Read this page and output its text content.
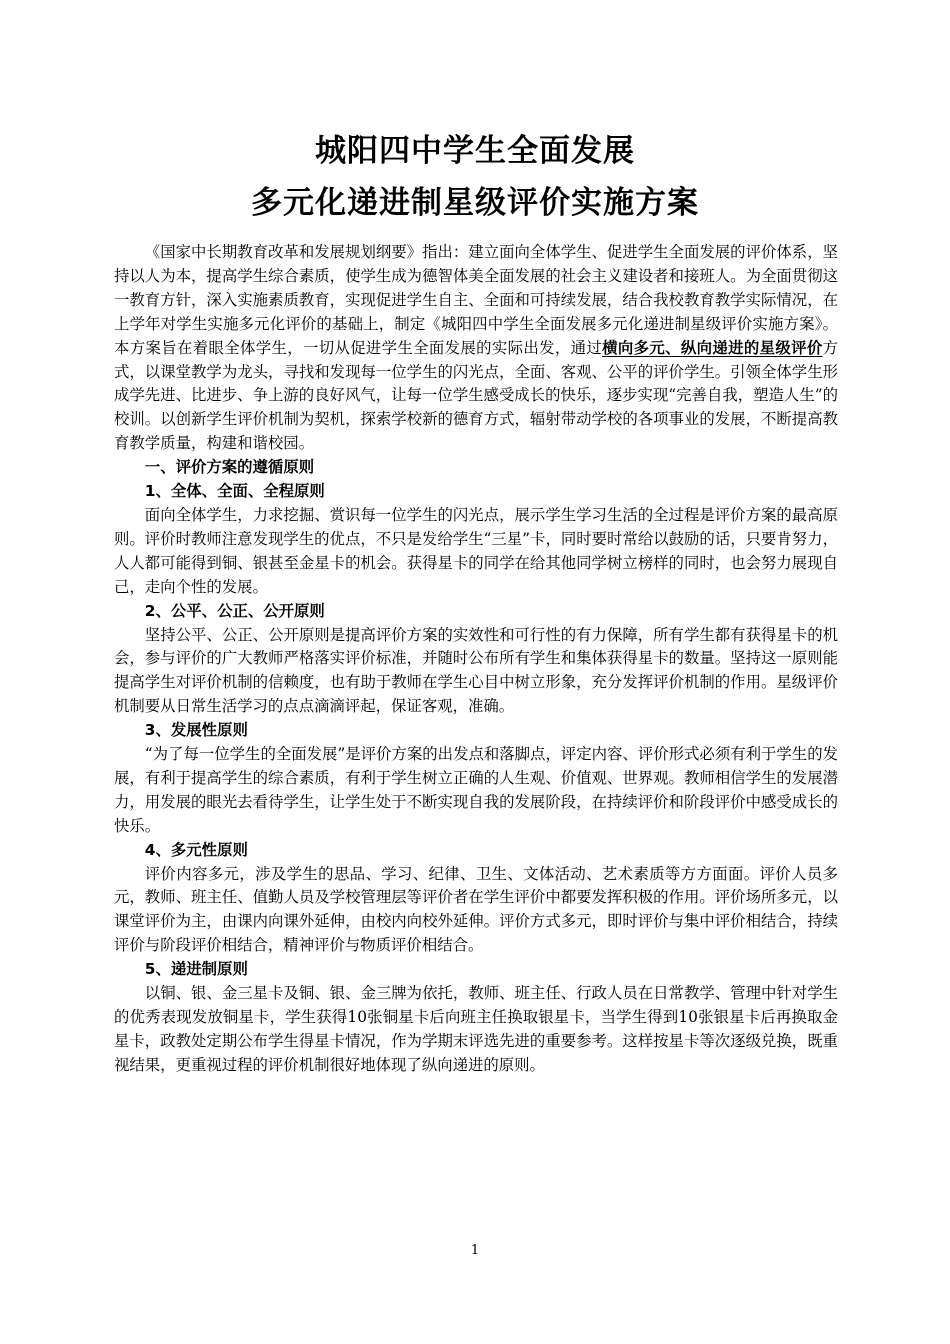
城阳四中学生全面发展
多元化递进制星级评价实施方案

《国家中长期教育改革和发展规划纲要》指出：建立面向全体学生、促进学生全面发展的评价体系，坚持以人为本，提高学生综合素质，使学生成为德智体美全面发展的社会主义建设者和接班人。为全面贯彻这一教育方针，深入实施素质教育，实现促进学生自主、全面和可持续发展，结合我校教育教学实际情况，在上学年对学生实施多元化评价的基础上，制定《城阳四中学生全面发展多元化递进制星级评价实施方案》。本方案旨在着眼全体学生，一切从促进学生全面发展的实际出发，通过横向多元、纵向递进的星级评价方式，以课堂教学为龙头，寻找和发现每一位学生的闪光点，全面、客观、公平的评价学生。引领全体学生形成学先进、比进步、争上游的良好风气，让每一位学生感受成长的快乐，逐步实现“完善自我，塑造人生”的校训。以创新学生评价机制为契机，探索学校新的德育方式，辐射带动学校的各项事业的发展，不断提高教育教学质量，构建和谐校园。

一、评价方案的遵循原则
1、全体、全面、全程原则

面向全体学生，力求挖掘、赏识每一位学生的闪光点，展示学生学习生活的全过程是评价方案的最高原则。评价时教师注意发现学生的优点，不只是发给学生“三星”卡，同时要时常给以鼓励的话，只要肯努力，人人都可能得到铜、银甚至金星卡的机会。获得星卡的同学在给其他同学树立榜样的同时，也会努力展现自己，走向个性的发展。

2、公平、公正、公开原则

坚持公平、公正、公开原则是提高评价方案的实效性和可行性的有力保障，所有学生都有获得星卡的机会，参与评价的广大教师严格落实评价标准，并随时公布所有学生和集体获得星卡的数量。坚持这一原则能提高学生对评价机制的信赖度，也有助于教师在学生心目中树立形象，充分发挥评价机制的作用。星级评价机制要从日常生活学习的点点滴滴评起，保证客观，准确。

3、发展性原则

“为了每一位学生的全面发展”是评价方案的出发点和落脚点，评定内容、评价形式必须有利于学生的发展，有利于提高学生的综合素质，有利于学生树立正确的人生观、价值观、世界观。教师相信学生的发展潜力，用发展的眼光去看待学生，让学生处于不断实现自我的发展阶段，在持续评价和阶段评价中感受成长的快乐。

4、多元性原则

评价内容多元，涉及学生的思品、学习、纪律、卫生、文体活动、艺术素质等方方面面。评价人员多元，教师、班主任、值勤人员及学校管理层等评价者在学生评价中都要发挥积极的作用。评价场所多元，以课堂评价为主，由课内向课外延伸，由校内向校外延伸。评价方式多元，即时评价与集中评价相结合，持续评价与阶段评价相结合，精神评价与物质评价相结合。

5、递进制原则

以铜、银、金三星卡及铜、银、金三牌为依托，教师、班主任、行政人员在日常教学、管理中针对学生的优秀表现发放铜星卡，学生获得10张铜星卡后向班主任换取银星卡，当学生得到10张银星卡后再换取金星卡，政教处定期公布学生得星卡情况，作为学期末评选先进的重要参考。这样按星卡等次逐级兑换，既重视结果，更重视过程的评价机制很好地体现了纵向递进的原则。

1
